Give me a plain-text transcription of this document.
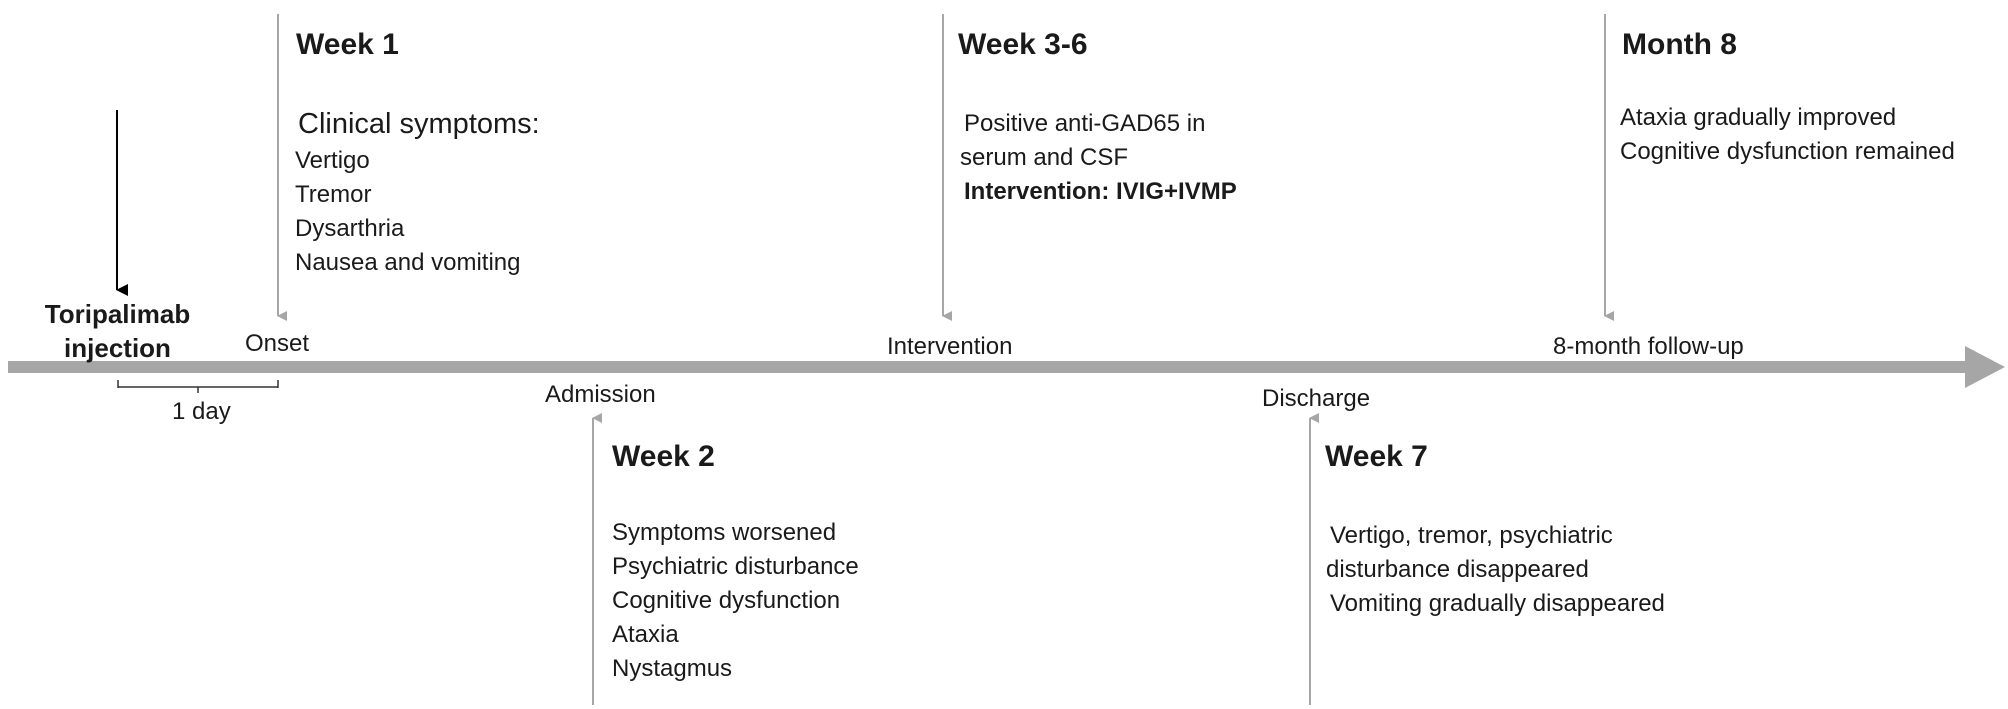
Toripalimab
injection
1 day
Onset
Admission
Intervention
Discharge
8-month follow-up
Week 1
Clinical symptoms:
Vertigo
Tremor
Dysarthria
Nausea and vomiting
Week 3-6
Positive anti-GAD65 in
serum and CSF
Intervention: IVIG+IVMP
Month 8
Ataxia gradually improved
Cognitive dysfunction remained
Week 2
Symptoms worsened
Psychiatric disturbance
Cognitive dysfunction
Ataxia
Nystagmus
Week 7
Vertigo, tremor, psychiatric
disturbance disappeared
Vomiting gradually disappeared
